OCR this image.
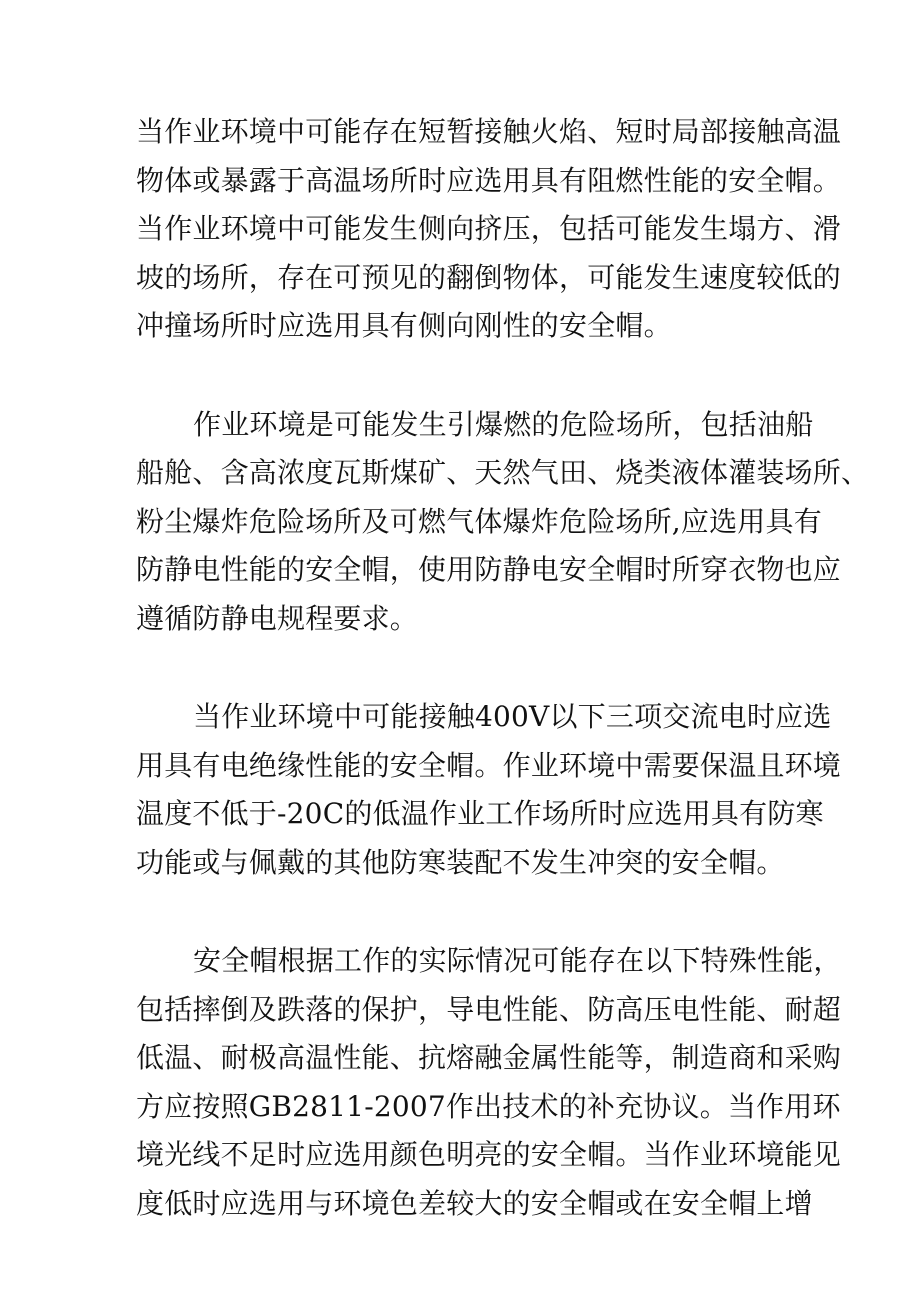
当作业环境中可能存在短暂接触火焰、短时局部接触高温
物体或暴露于高温场所时应选用具有阻燃性能的安全帽。
当作业环境中可能发生侧向挤压，包括可能发生塌方、滑
坡的场所，存在可预见的翻倒物体，可能发生速度较低的
冲撞场所时应选用具有侧向刚性的安全帽。

作业环境是可能发生引爆燃的危险场所，包括油船
船舱、含高浓度瓦斯煤矿、天然气田、烧类液体灌装场所、
粉尘爆炸危险场所及可燃气体爆炸危险场所,应选用具有
防静电性能的安全帽，使用防静电安全帽时所穿衣物也应
遵循防静电规程要求。

当作业环境中可能接触400V以下三项交流电时应选
用具有电绝缘性能的安全帽。作业环境中需要保温且环境
温度不低于-20C的低温作业工作场所时应选用具有防寒
功能或与佩戴的其他防寒装配不发生冲突的安全帽。

安全帽根据工作的实际情况可能存在以下特殊性能，
包括摔倒及跌落的保护，导电性能、防高压电性能、耐超
低温、耐极高温性能、抗熔融金属性能等，制造商和采购
方应按照GB2811-2007作出技术的补充协议。当作用环
境光线不足时应选用颜色明亮的安全帽。当作业环境能见
度低时应选用与环境色差较大的安全帽或在安全帽上增
